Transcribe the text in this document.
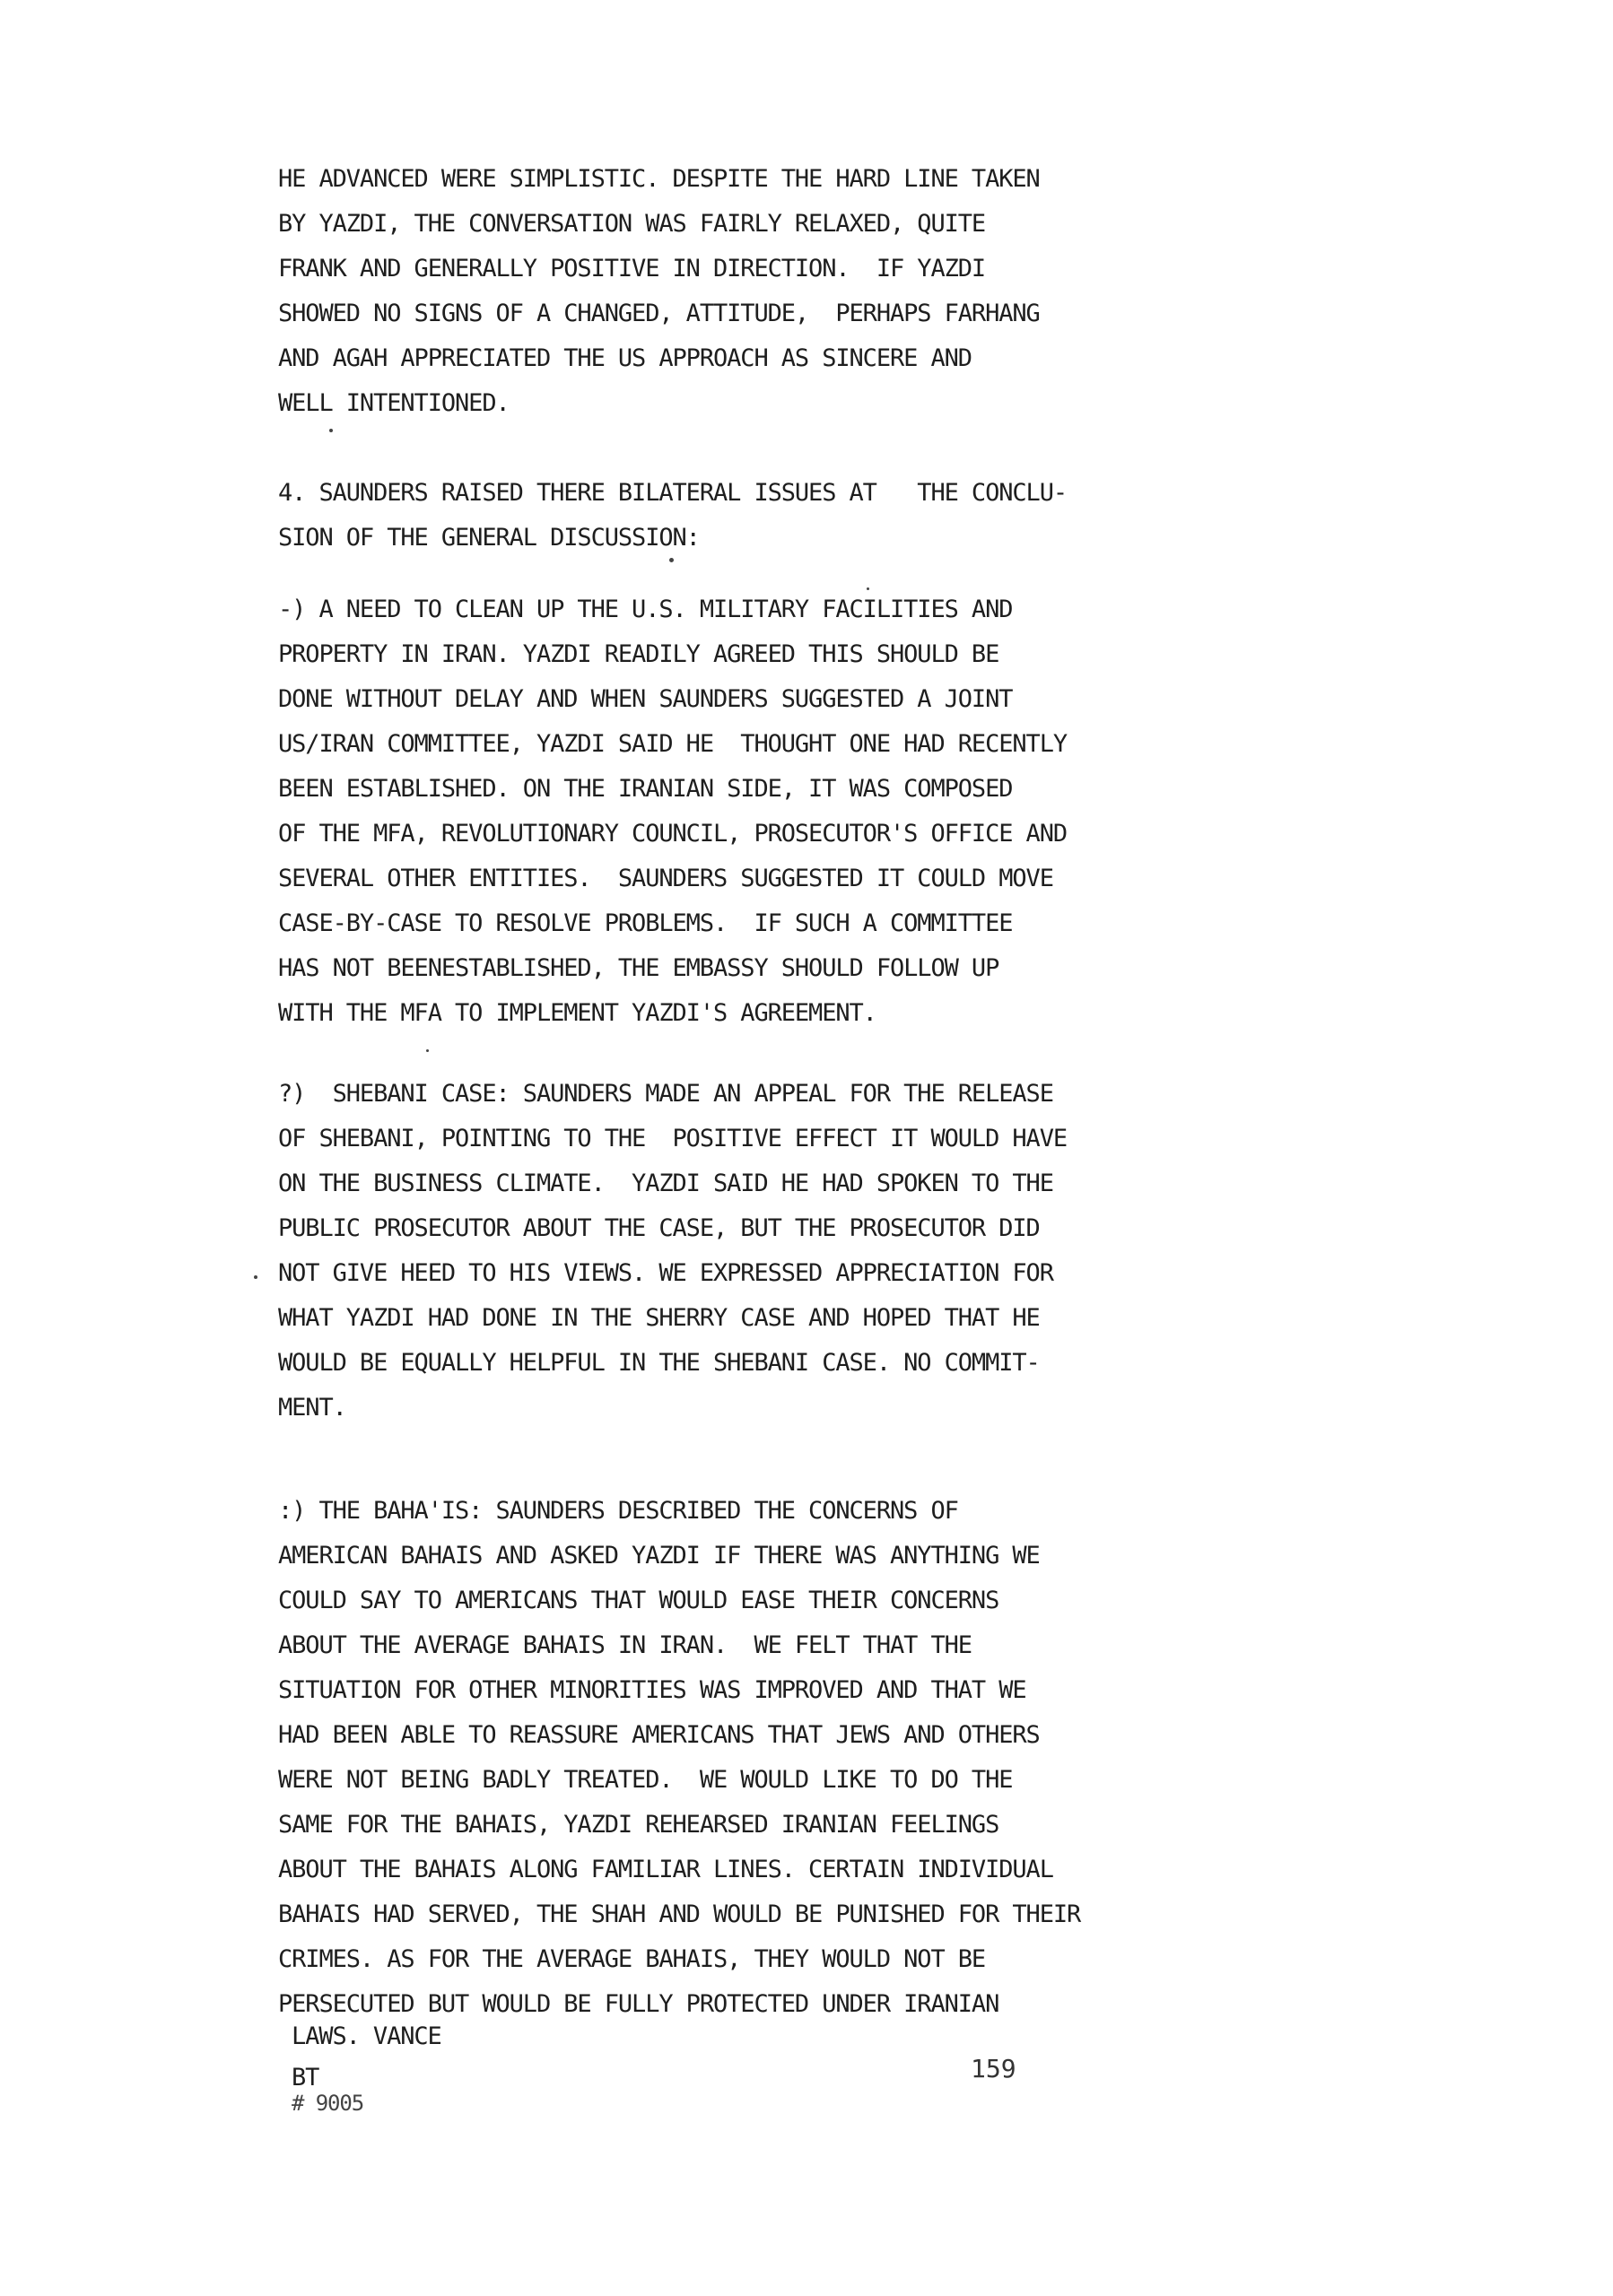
HE ADVANCED WERE SIMPLISTIC. DESPITE THE HARD LINE TAKEN
BY YAZDI, THE CONVERSATION WAS FAIRLY RELAXED, QUITE
FRANK AND GENERALLY POSITIVE IN DIRECTION.  IF YAZDI
SHOWED NO SIGNS OF A CHANGED, ATTITUDE,  PERHAPS FARHANG
AND AGAH APPRECIATED THE US APPROACH AS SINCERE AND
WELL INTENTIONED.
4. SAUNDERS RAISED THERE BILATERAL ISSUES AT   THE CONCLU-
SION OF THE GENERAL DISCUSSION:
-) A NEED TO CLEAN UP THE U.S. MILITARY FACILITIES AND
PROPERTY IN IRAN. YAZDI READILY AGREED THIS SHOULD BE
DONE WITHOUT DELAY AND WHEN SAUNDERS SUGGESTED A JOINT
US/IRAN COMMITTEE, YAZDI SAID HE  THOUGHT ONE HAD RECENTLY
BEEN ESTABLISHED. ON THE IRANIAN SIDE, IT WAS COMPOSED
OF THE MFA, REVOLUTIONARY COUNCIL, PROSECUTOR'S OFFICE AND
SEVERAL OTHER ENTITIES.  SAUNDERS SUGGESTED IT COULD MOVE
CASE-BY-CASE TO RESOLVE PROBLEMS.  IF SUCH A COMMITTEE
HAS NOT BEENESTABLISHED, THE EMBASSY SHOULD FOLLOW UP
WITH THE MFA TO IMPLEMENT YAZDI'S AGREEMENT.
?)  SHEBANI CASE: SAUNDERS MADE AN APPEAL FOR THE RELEASE
OF SHEBANI, POINTING TO THE  POSITIVE EFFECT IT WOULD HAVE
ON THE BUSINESS CLIMATE.  YAZDI SAID HE HAD SPOKEN TO THE
PUBLIC PROSECUTOR ABOUT THE CASE, BUT THE PROSECUTOR DID
NOT GIVE HEED TO HIS VIEWS. WE EXPRESSED APPRECIATION FOR
WHAT YAZDI HAD DONE IN THE SHERRY CASE AND HOPED THAT HE
WOULD BE EQUALLY HELPFUL IN THE SHEBANI CASE. NO COMMIT-
MENT.
:) THE BAHA'IS: SAUNDERS DESCRIBED THE CONCERNS OF
AMERICAN BAHAIS AND ASKED YAZDI IF THERE WAS ANYTHING WE
COULD SAY TO AMERICANS THAT WOULD EASE THEIR CONCERNS
ABOUT THE AVERAGE BAHAIS IN IRAN.  WE FELT THAT THE
SITUATION FOR OTHER MINORITIES WAS IMPROVED AND THAT WE
HAD BEEN ABLE TO REASSURE AMERICANS THAT JEWS AND OTHERS
WERE NOT BEING BADLY TREATED.  WE WOULD LIKE TO DO THE
SAME FOR THE BAHAIS, YAZDI REHEARSED IRANIAN FEELINGS
ABOUT THE BAHAIS ALONG FAMILIAR LINES. CERTAIN INDIVIDUAL
BAHAIS HAD SERVED, THE SHAH AND WOULD BE PUNISHED FOR THEIR
CRIMES. AS FOR THE AVERAGE BAHAIS, THEY WOULD NOT BE
PERSECUTED BUT WOULD BE FULLY PROTECTED UNDER IRANIAN
LAWS. VANCE
BT
# 9005
159
